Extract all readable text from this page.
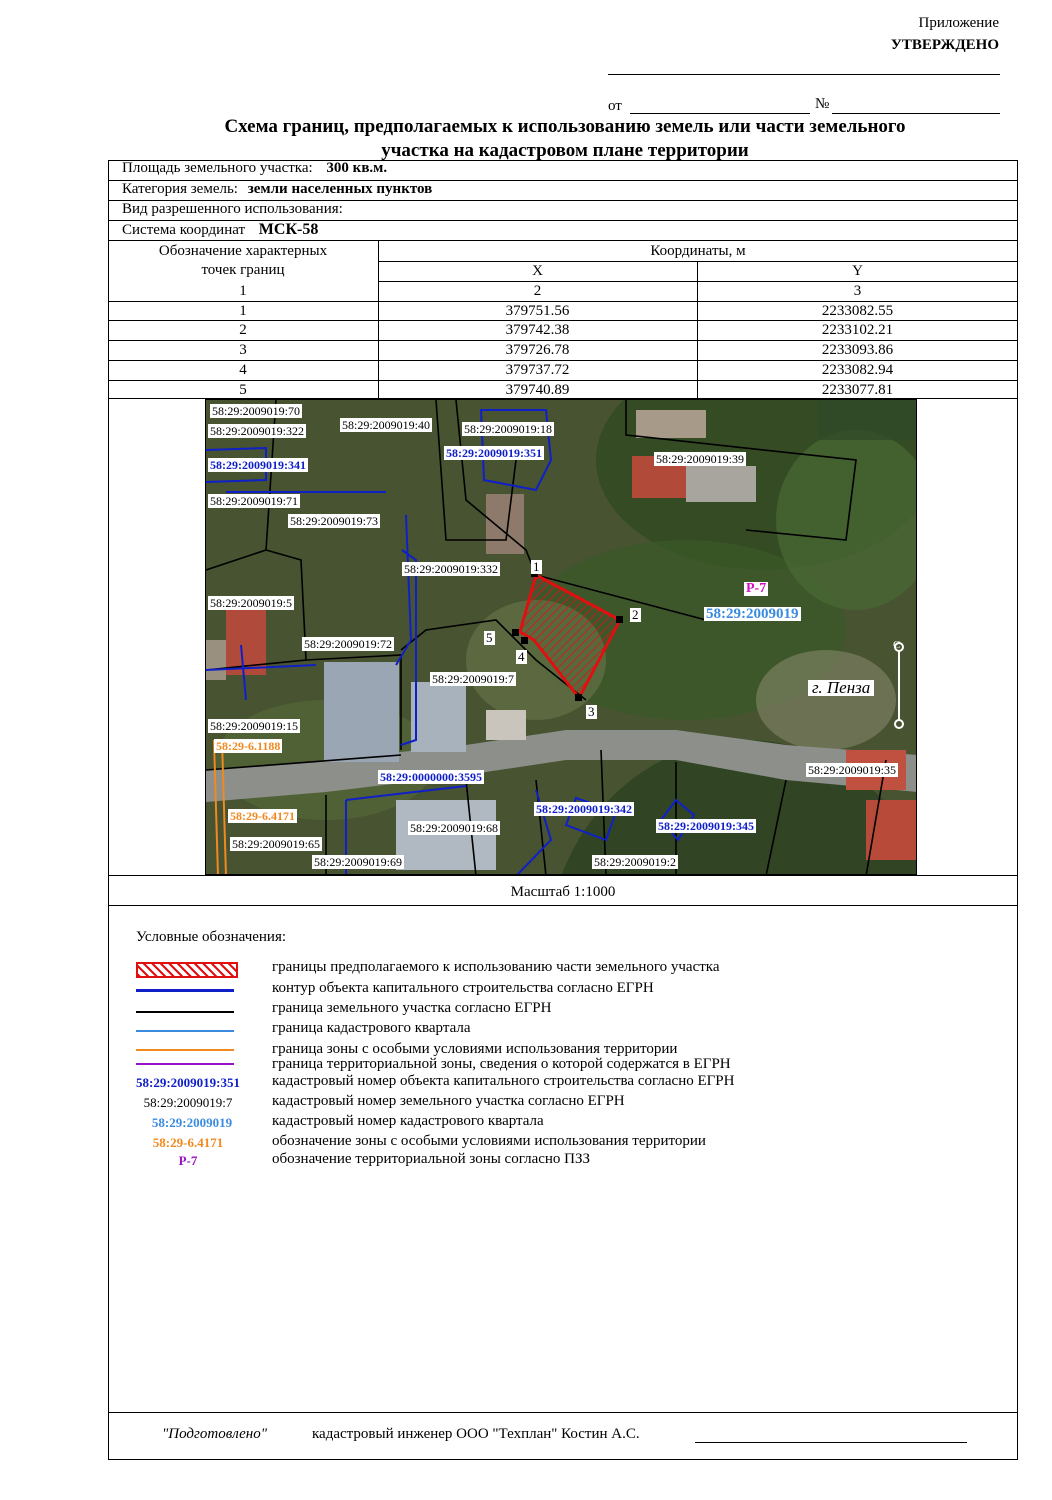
Приложение
УТВЕРЖДЕНО
от	№
Схема границ, предполагаемых к использованию земель или части земельного
участка на кадастровом плане территории
Площадь земельного участка: 300 кв.м.
Категория земель: земли населенных пунктов
Вид разрешенного использования:
Система координат МСК-58
Обозначение характерных
точек границ
Координаты, м
X	Y
1	2	3
1	379751.56	2233082.55
2	379742.38	2233102.21
3	379726.78	2233093.86
4	379737.72	2233082.94
5	379740.89	2233077.81
1
2
3
4
5
58:29:2009019:70
58:29:2009019:322	58:29:2009019:40	58:29:2009019:18
58:29:2009019:341
58:29:2009019:351	58:29:2009019:39
58:29:2009019:71
58:29:2009019:73
58:29:2009019:332
58:29:2009019:5
58:29:2009019:72
58:29:2009019:7
58:29:2009019:15
58:29-6.1188
58:29:0000000:3595
58:29-6.4171	58:29:2009019:342
58:29:2009019:345
58:29:2009019:68
58:29:2009019:65
58:29:2009019:69	58:29:2009019:2
58:29:2009019:35
Р-7
58:29:2009019
г. Пенза
С
Масштаб 1:1000
Условные обозначения:
границы предполагаемого к использованию части земельного участка
контур объекта капитального строительства согласно ЕГРН
граница земельного участка согласно ЕГРН
граница кадастрового квартала
граница зоны с особыми условиями использования территории
граница территориальной зоны, сведения о которой содержатся в ЕГРН
58:29:2009019:351	кадастровый номер объекта капитального строительства согласно ЕГРН
58:29:2009019:7	кадастровый номер земельного участка согласно ЕГРН
58:29:2009019	кадастровый номер кадастрового квартала
58:29-6.4171	обозначение зоны с особыми условиями использования территории
Р-7	обозначение территориальной зоны согласно ПЗЗ
"Подготовлено"	кадастровый инженер ООО "Техплан" Костин А.С.
